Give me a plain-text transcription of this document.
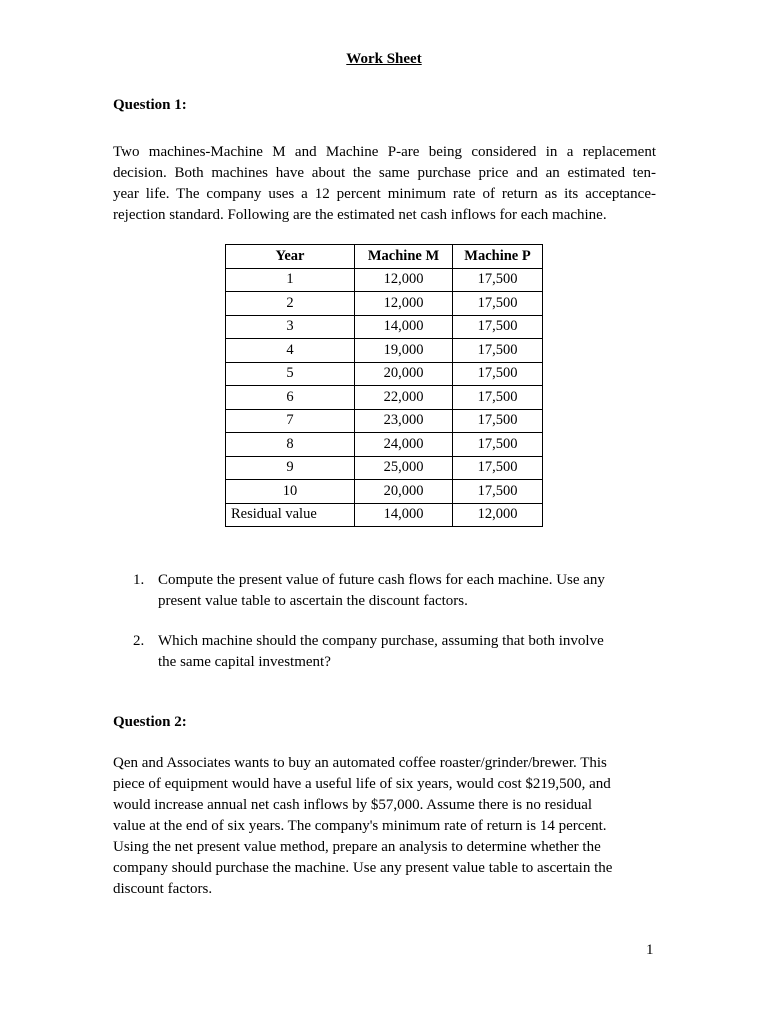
Work Sheet
Question 1:
Two machines-Machine M and Machine P-are being considered in a replacement
decision. Both machines have about the same purchase price and an estimated ten-
year life. The company uses a 12 percent minimum rate of return as its acceptance-
rejection standard. Following are the estimated net cash inflows for each machine.
Year	Machine M	Machine P
1	12,000	17,500
2	12,000	17,500
3	14,000	17,500
4	19,000	17,500
5	20,000	17,500
6	22,000	17,500
7	23,000	17,500
8	24,000	17,500
9	25,000	17,500
10	20,000	17,500
Residual value	14,000	12,000
1. Compute the present value of future cash flows for each machine. Use any
present value table to ascertain the discount factors.
2. Which machine should the company purchase, assuming that both involve
the same capital investment?
Question 2:
Qen and Associates wants to buy an automated coffee roaster/grinder/brewer. This
piece of equipment would have a useful life of six years, would cost $219,500, and
would increase annual net cash inflows by $57,000. Assume there is no residual
value at the end of six years. The company's minimum rate of return is 14 percent.
Using the net present value method, prepare an analysis to determine whether the
company should purchase the machine. Use any present value table to ascertain the
discount factors.
1
